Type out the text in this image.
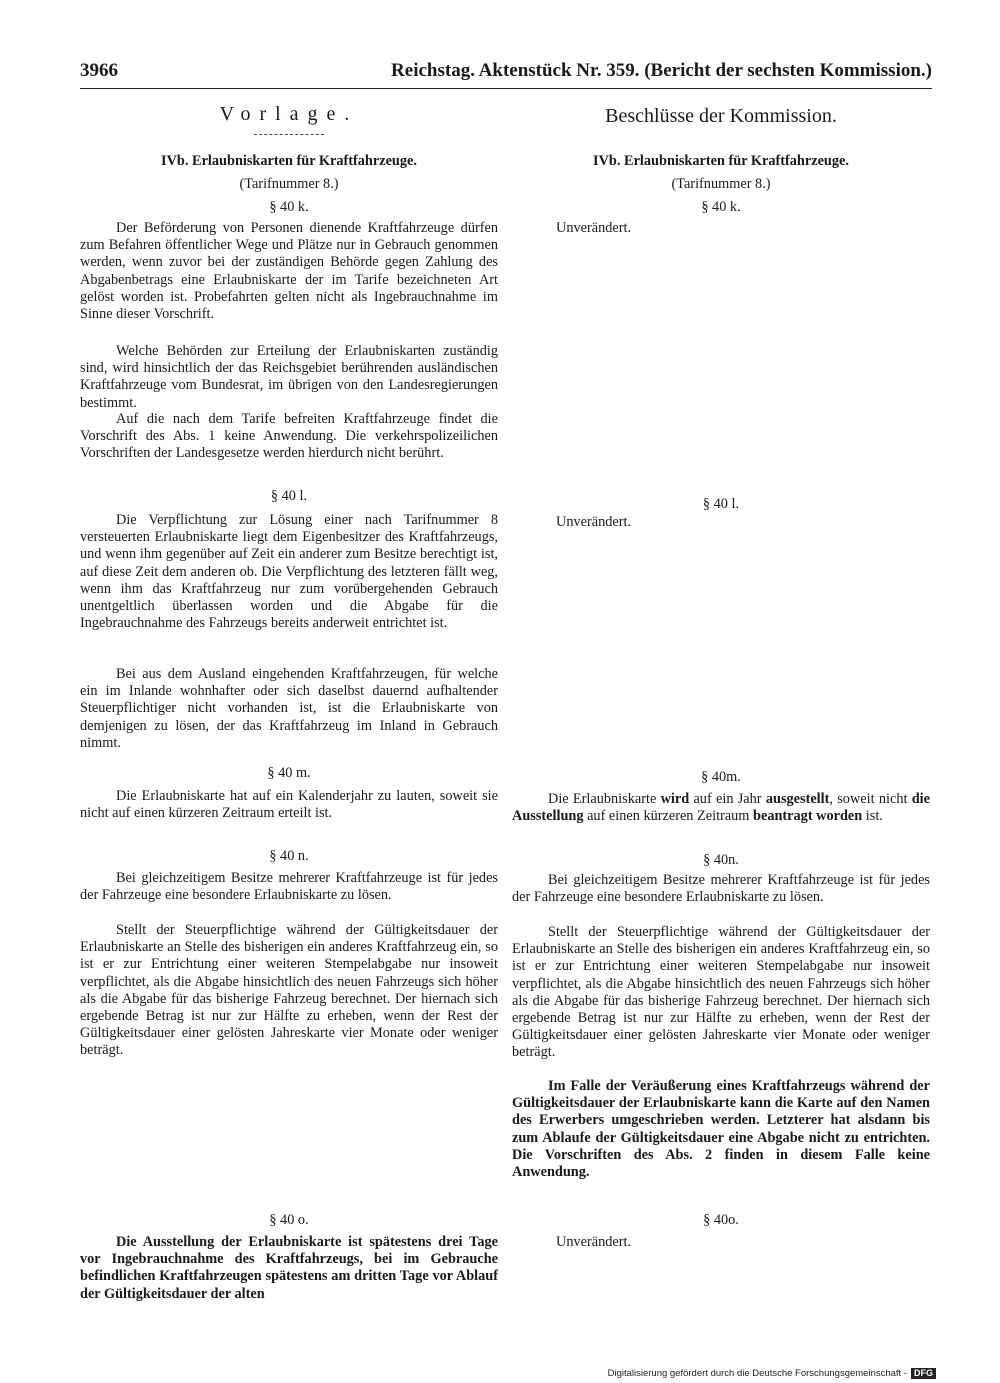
3966	Reichstag. Aktenstück Nr. 359. (Bericht der sechsten Kommission.)
Vorlage.
IVb. Erlaubniskarten für Kraftfahrzeuge.
(Tarifnummer 8.)
§ 40 k.

Der Beförderung von Personen dienende Kraftfahrzeuge dürfen zum Befahren öffentlicher Wege und Plätze nur in Gebrauch genommen werden, wenn zuvor bei der zuständigen Behörde gegen Zahlung des Abgabenbetrags eine Erlaubniskarte der im Tarife bezeichneten Art gelöst worden ist. Probefahrten gelten nicht als Ingebrauchnahme im Sinne dieser Vorschrift.

Welche Behörden zur Erteilung der Erlaubniskarten zuständig sind, wird hinsichtlich der das Reichsgebiet berührenden ausländischen Kraftfahrzeuge vom Bundesrat, im übrigen von den Landesregierungen bestimmt.

Auf die nach dem Tarife befreiten Kraftfahrzeuge findet die Vorschrift des Abs. 1 keine Anwendung. Die verkehrspolizeilichen Vorschriften der Landesgesetze werden hierdurch nicht berührt.

§ 40 l.

Die Verpflichtung zur Lösung einer nach Tarifnummer 8 versteuerten Erlaubniskarte liegt dem Eigenbesitzer des Kraftfahrzeugs, und wenn ihm gegenüber auf Zeit ein anderer zum Besitze berechtigt ist, auf diese Zeit dem anderen ob. Die Verpflichtung des letzteren fällt weg, wenn ihm das Kraftfahrzeug nur zum vorübergehenden Gebrauch unentgeltlich überlassen worden und die Abgabe für die Ingebrauchnahme des Fahrzeugs bereits anderweit entrichtet ist.

Bei aus dem Ausland eingehenden Kraftfahrzeugen, für welche ein im Inlande wohnhafter oder sich daselbst dauernd aufhaltender Steuerpflichtiger nicht vorhanden ist, ist die Erlaubniskarte von demjenigen zu lösen, der das Kraftfahrzeug im Inland in Gebrauch nimmt.

§ 40 m.

Die Erlaubniskarte hat auf ein Kalenderjahr zu lauten, soweit sie nicht auf einen kürzeren Zeitraum erteilt ist.

§ 40 n.

Bei gleichzeitigem Besitze mehrerer Kraftfahrzeuge ist für jedes der Fahrzeuge eine besondere Erlaubniskarte zu lösen.

Stellt der Steuerpflichtige während der Gültigkeitsdauer der Erlaubniskarte an Stelle des bisherigen ein anderes Kraftfahrzeug ein, so ist er zur Entrichtung einer weiteren Stempelabgabe nur insoweit verpflichtet, als die Abgabe hinsichtlich des neuen Fahrzeugs sich höher als die Abgabe für das bisherige Fahrzeug berechnet. Der hiernach sich ergebende Betrag ist nur zur Hälfte zu erheben, wenn der Rest der Gültigkeitsdauer einer gelösten Jahreskarte vier Monate oder weniger beträgt.

§ 40 o.

Die Ausstellung der Erlaubniskarte ist spätestens drei Tage vor Ingebrauchnahme des Kraftfahrzeugs, bei im Gebrauche befindlichen Kraftfahrzeugen spätestens am dritten Tage vor Ablauf der Gültigkeitsdauer der alten

Beschlüsse der Kommission.
IVb. Erlaubniskarten für Kraftfahrzeuge.
(Tarifnummer 8.)
§ 40 k.
Unverändert.
§ 40 l.
Unverändert.
§ 40m.

Die Erlaubniskarte wird auf ein Jahr ausgestellt, soweit nicht die Ausstellung auf einen kürzeren Zeitraum beantragt worden ist.

§ 40n.

Bei gleichzeitigem Besitze mehrerer Kraftfahrzeuge ist für jedes der Fahrzeuge eine besondere Erlaubniskarte zu lösen.

Stellt der Steuerpflichtige während der Gültigkeitsdauer der Erlaubniskarte an Stelle des bisherigen ein anderes Kraftfahrzeug ein, so ist er zur Entrichtung einer weiteren Stempelabgabe nur insoweit verpflichtet, als die Abgabe hinsichtlich des neuen Fahrzeugs sich höher als die Abgabe für das bisherige Fahrzeug berechnet. Der hiernach sich ergebende Betrag ist nur zur Hälfte zu erheben, wenn der Rest der Gültigkeitsdauer einer gelösten Jahreskarte vier Monate oder weniger beträgt.

Im Falle der Veräußerung eines Kraftfahrzeugs während der Gültigkeitsdauer der Erlaubniskarte kann die Karte auf den Namen des Erwerbers umgeschrieben werden. Letzterer hat alsdann bis zum Ablaufe der Gültigkeitsdauer eine Abgabe nicht zu entrichten. Die Vorschriften des Abs. 2 finden in diesem Falle keine Anwendung.

§ 40o.
Unverändert.
Digitalisierung gefördert durch die Deutsche Forschungsgemeinschaft - DFG
